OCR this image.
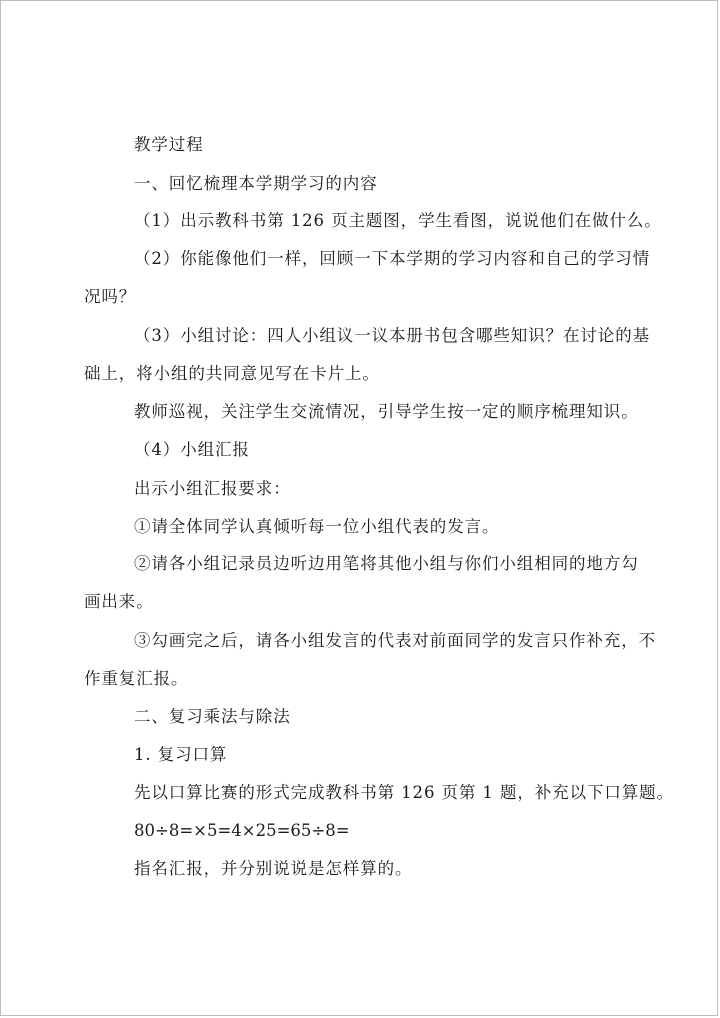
教学过程
一、回忆梳理本学期学习的内容
（1）出示教科书第 126 页主题图，学生看图，说说他们在做什么。
（2）你能像他们一样，回顾一下本学期的学习内容和自己的学习情
况吗？
（3）小组讨论：四人小组议一议本册书包含哪些知识？在讨论的基
础上，将小组的共同意见写在卡片上。
教师巡视，关注学生交流情况，引导学生按一定的顺序梳理知识。
（4）小组汇报
出示小组汇报要求：
①请全体同学认真倾听每一位小组代表的发言。
②请各小组记录员边听边用笔将其他小组与你们小组相同的地方勾
画出来。
③勾画完之后，请各小组发言的代表对前面同学的发言只作补充，不
作重复汇报。
二、复习乘法与除法
1. 复习口算
先以口算比赛的形式完成教科书第 126 页第 1 题，补充以下口算题。
80÷8=×5=4×25=65÷8=
指名汇报，并分别说说是怎样算的。
